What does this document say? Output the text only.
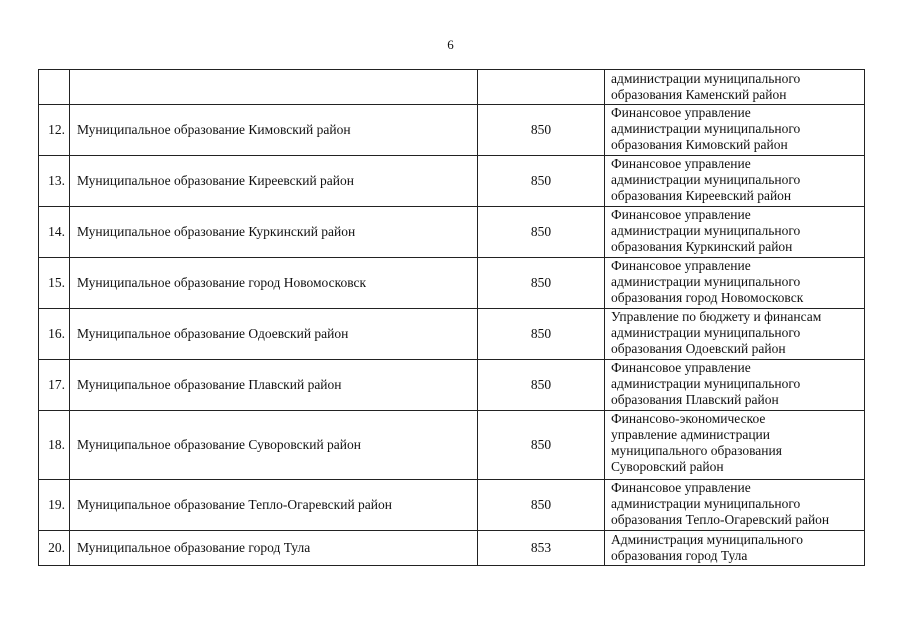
6

			администрации муниципального
образования Каменский район

12.	Муниципальное образование Кимовский район	850	Финансовое управление
администрации муниципального
образования Кимовский район

13.	Муниципальное образование Киреевский район	850	Финансовое управление
администрации муниципального
образования Киреевский район

14.	Муниципальное образование Куркинский район	850	Финансовое управление
администрации муниципального
образования Куркинский район

15.	Муниципальное образование город Новомосковск	850	Финансовое управление
администрации муниципального
образования город Новомосковск

16.	Муниципальное образование Одоевский район	850	Управление по бюджету и финансам
администрации муниципального
образования Одоевский район

17.	Муниципальное образование Плавский район	850	Финансовое управление
администрации муниципального
образования Плавский район

18.	Муниципальное образование Суворовский район	850	Финансово-экономическое
управление администрации
муниципального образования
Суворовский район

19.	Муниципальное образование Тепло-Огаревский район	850	Финансовое управление
администрации муниципального
образования Тепло-Огаревский район

20.	Муниципальное образование город Тула	853	Администрация муниципального
образования город Тула
